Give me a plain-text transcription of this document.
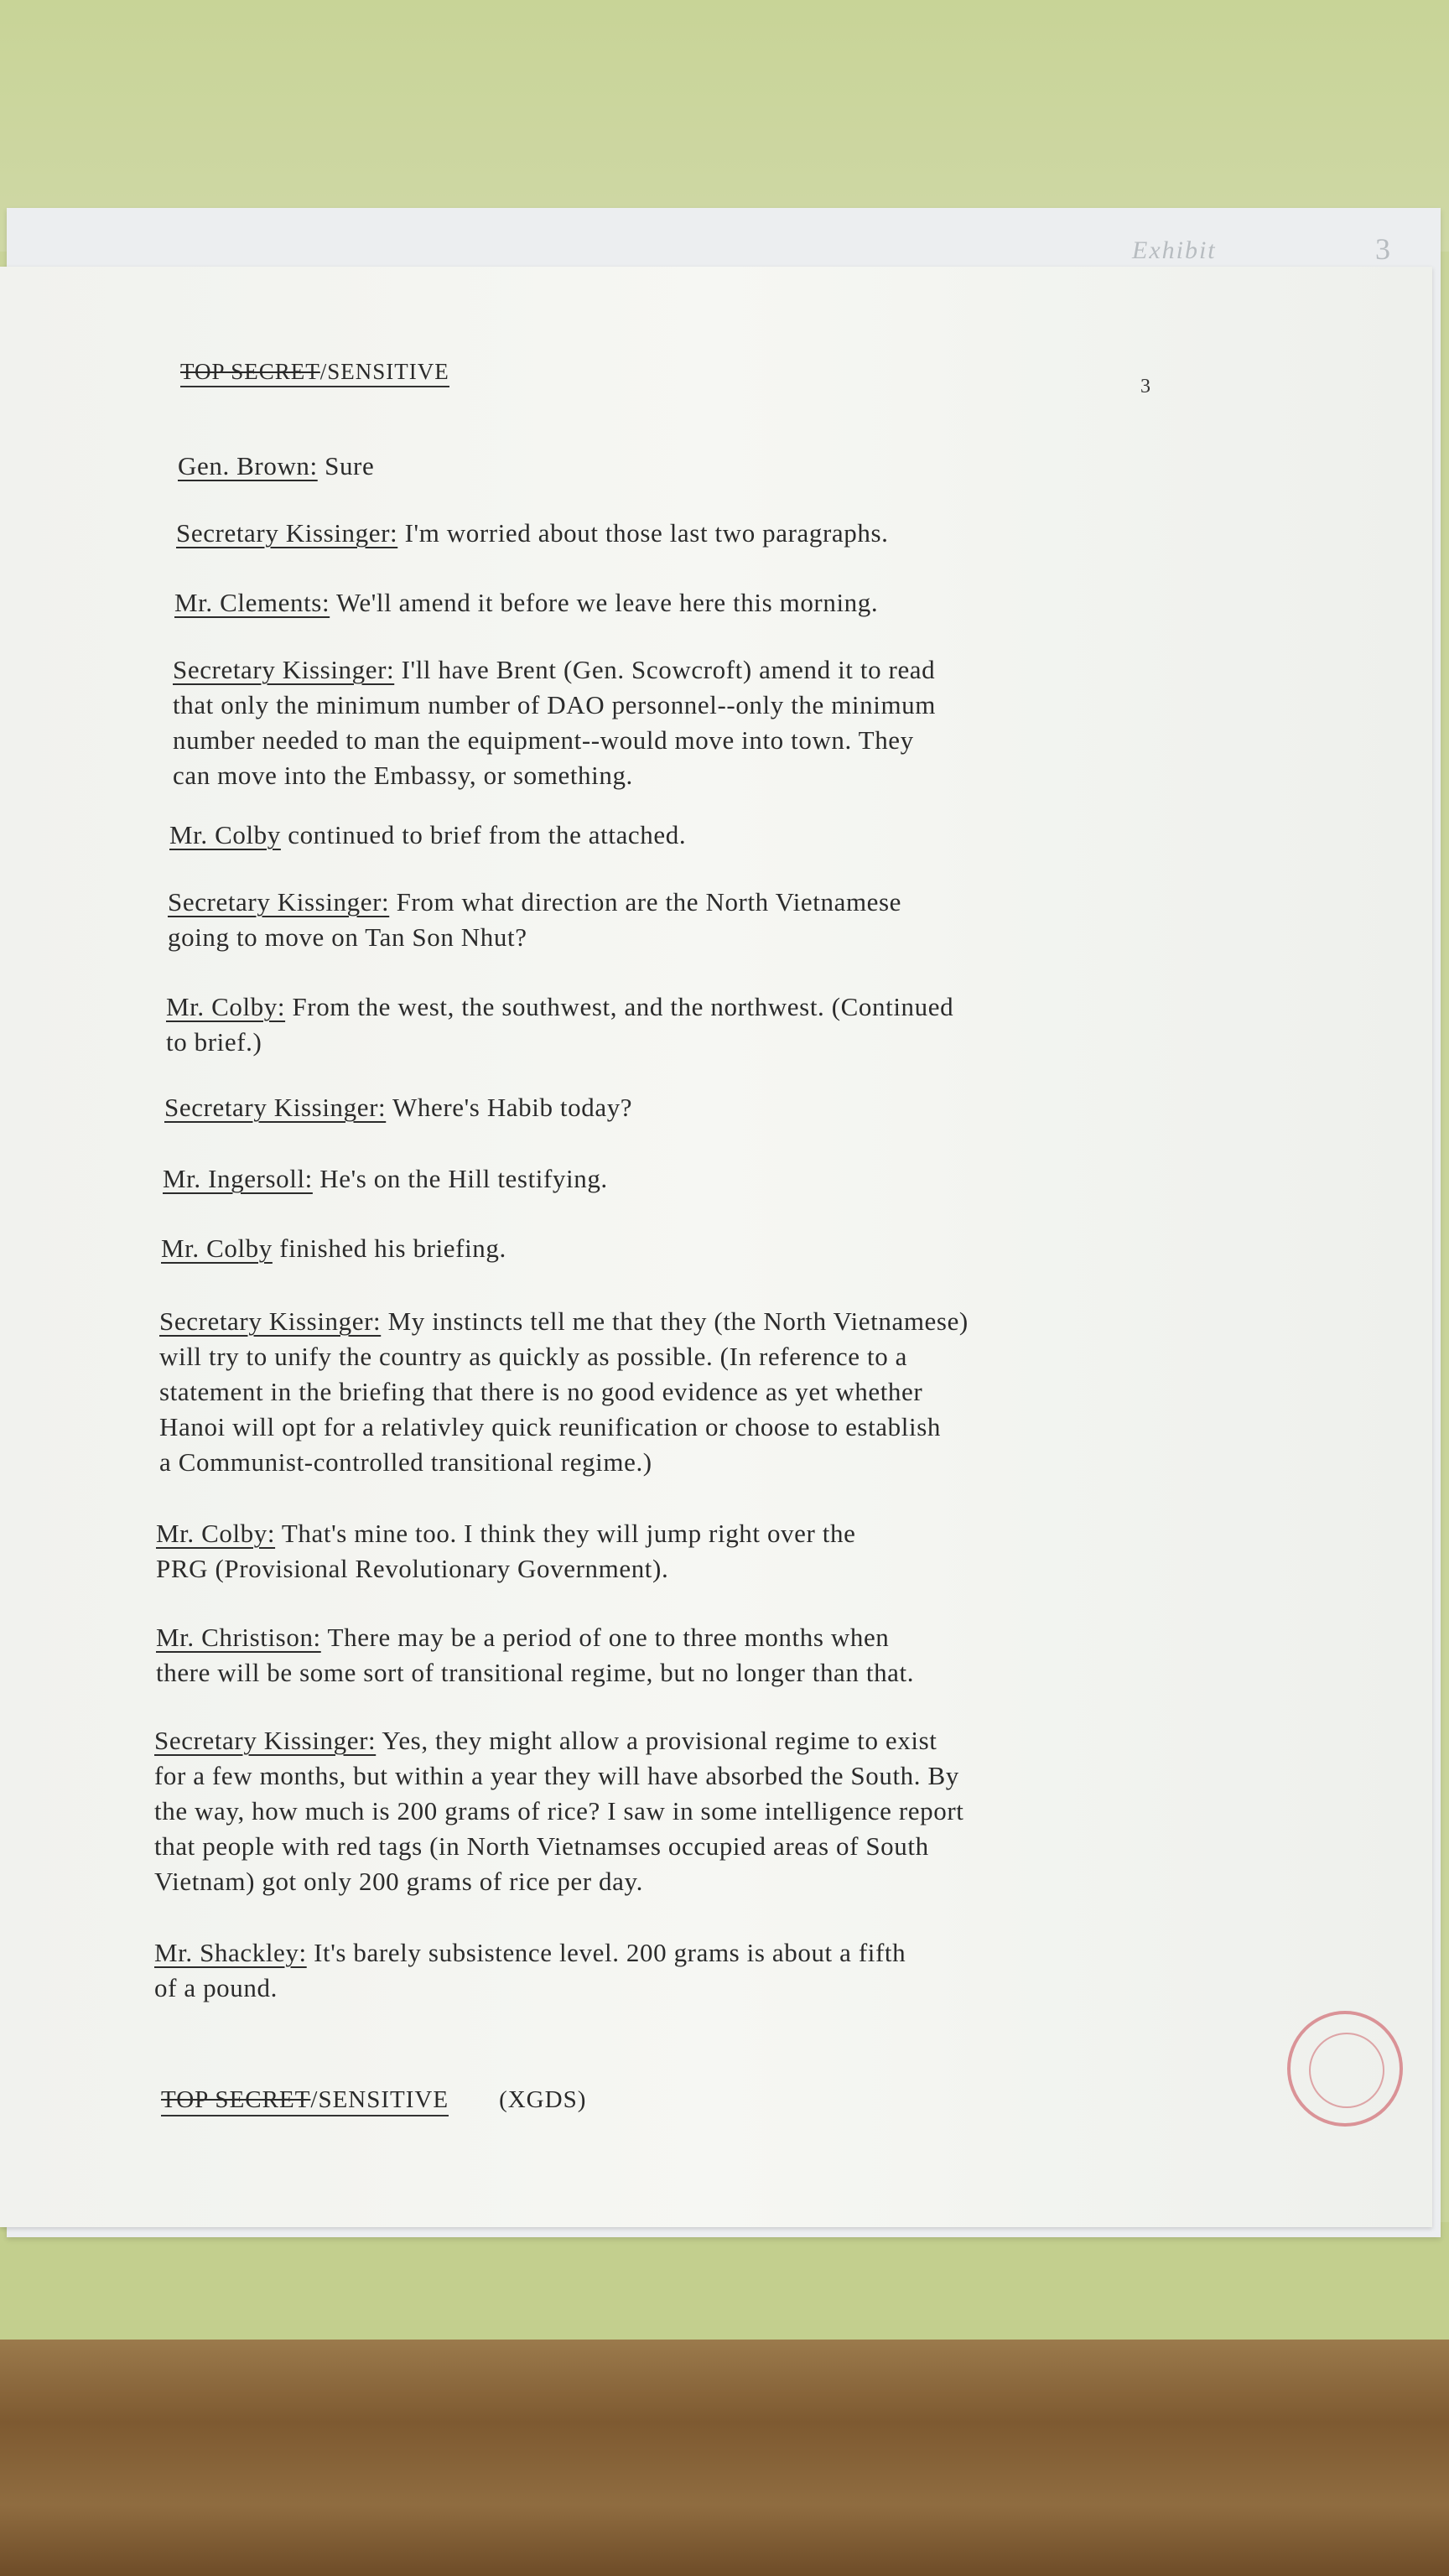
Exhibit	3
TOP SECRET/SENSITIVE
3
Gen. Brown: Sure
Secretary Kissinger: I'm worried about those last two paragraphs.
Mr. Clements: We'll amend it before we leave here this morning.
Secretary Kissinger: I'll have Brent (Gen. Scowcroft) amend it to read
that only the minimum number of DAO personnel--only the minimum
number needed to man the equipment--would move into town. They
can move into the Embassy, or something.
Mr. Colby continued to brief from the attached.
Secretary Kissinger: From what direction are the North Vietnamese
going to move on Tan Son Nhut?
Mr. Colby: From the west, the southwest, and the northwest. (Continued
to brief.)
Secretary Kissinger: Where's Habib today?
Mr. Ingersoll: He's on the Hill testifying.
Mr. Colby finished his briefing.
Secretary Kissinger: My instincts tell me that they (the North Vietnamese)
will try to unify the country as quickly as possible. (In reference to a
statement in the briefing that there is no good evidence as yet whether
Hanoi will opt for a relativley quick reunification or choose to establish
a Communist-controlled transitional regime.)
Mr. Colby: That's mine too. I think they will jump right over the
PRG (Provisional Revolutionary Government).
Mr. Christison: There may be a period of one to three months when
there will be some sort of transitional regime, but no longer than that.
Secretary Kissinger: Yes, they might allow a provisional regime to exist
for a few months, but within a year they will have absorbed the South. By
the way, how much is 200 grams of rice? I saw in some intelligence report
that people with red tags (in North Vietnamses occupied areas of South
Vietnam) got only 200 grams of rice per day.
Mr. Shackley: It's barely subsistence level. 200 grams is about a fifth
of a pound.
TOP SECRET/SENSITIVE (XGDS)
